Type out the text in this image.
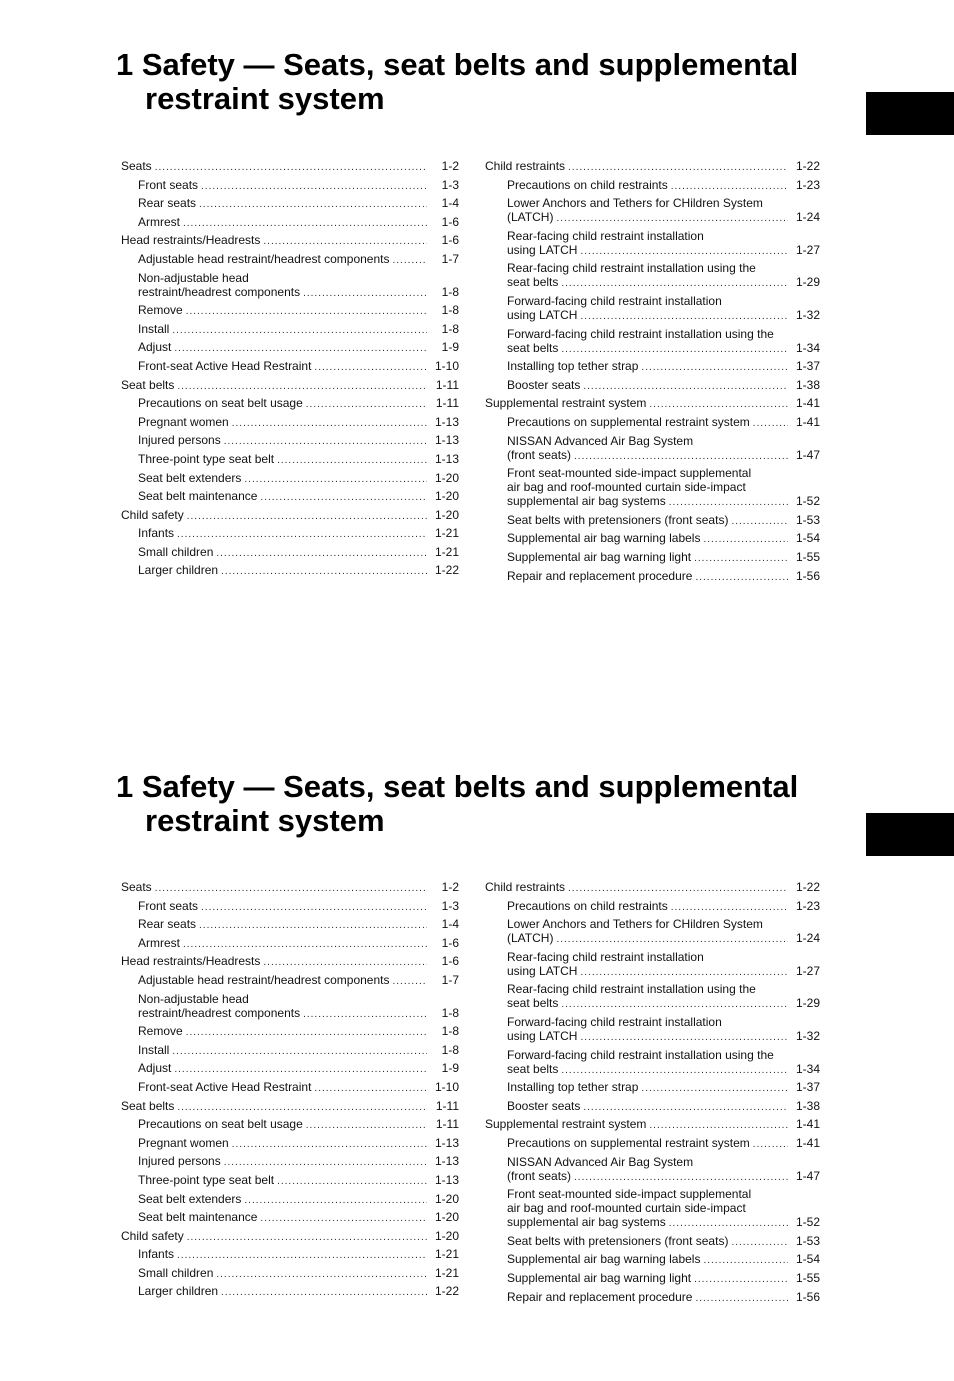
1 Safety — Seats, seat belts and supplemental
restraint system
Seats .....	1-2
Front seats .....	1-3
Rear seats .....	1-4
Armrest .....	1-6
Head restraints/Headrests .....	1-6
Adjustable head restraint/headrest components .....	1-7
Non-adjustable head
restraint/headrest components .....	1-8
Remove .....	1-8
Install .....	1-8
Adjust .....	1-9
Front-seat Active Head Restraint .....	1-10
Seat belts .....	1-11
Precautions on seat belt usage .....	1-11
Pregnant women .....	1-13
Injured persons .....	1-13
Three-point type seat belt .....	1-13
Seat belt extenders .....	1-20
Seat belt maintenance .....	1-20
Child safety .....	1-20
Infants .....	1-21
Small children .....	1-21
Larger children .....	1-22
Child restraints .....	1-22
Precautions on child restraints .....	1-23
Lower Anchors and Tethers for CHildren System
(LATCH) .....	1-24
Rear-facing child restraint installation
using LATCH .....	1-27
Rear-facing child restraint installation using the
seat belts .....	1-29
Forward-facing child restraint installation
using LATCH .....	1-32
Forward-facing child restraint installation using the
seat belts .....	1-34
Installing top tether strap .....	1-37
Booster seats .....	1-38
Supplemental restraint system .....	1-41
Precautions on supplemental restraint system .....	1-41
NISSAN Advanced Air Bag System
(front seats) .....	1-47
Front seat-mounted side-impact supplemental
air bag and roof-mounted curtain side-impact
supplemental air bag systems .....	1-52
Seat belts with pretensioners (front seats) .....	1-53
Supplemental air bag warning labels .....	1-54
Supplemental air bag warning light .....	1-55
Repair and replacement procedure .....	1-56
1 Safety — Seats, seat belts and supplemental
restraint system
Seats .....	1-2
Front seats .....	1-3
Rear seats .....	1-4
Armrest .....	1-6
Head restraints/Headrests .....	1-6
Adjustable head restraint/headrest components .....	1-7
Non-adjustable head
restraint/headrest components .....	1-8
Remove .....	1-8
Install .....	1-8
Adjust .....	1-9
Front-seat Active Head Restraint .....	1-10
Seat belts .....	1-11
Precautions on seat belt usage .....	1-11
Pregnant women .....	1-13
Injured persons .....	1-13
Three-point type seat belt .....	1-13
Seat belt extenders .....	1-20
Seat belt maintenance .....	1-20
Child safety .....	1-20
Infants .....	1-21
Small children .....	1-21
Larger children .....	1-22
Child restraints .....	1-22
Precautions on child restraints .....	1-23
Lower Anchors and Tethers for CHildren System
(LATCH) .....	1-24
Rear-facing child restraint installation
using LATCH .....	1-27
Rear-facing child restraint installation using the
seat belts .....	1-29
Forward-facing child restraint installation
using LATCH .....	1-32
Forward-facing child restraint installation using the
seat belts .....	1-34
Installing top tether strap .....	1-37
Booster seats .....	1-38
Supplemental restraint system .....	1-41
Precautions on supplemental restraint system .....	1-41
NISSAN Advanced Air Bag System
(front seats) .....	1-47
Front seat-mounted side-impact supplemental
air bag and roof-mounted curtain side-impact
supplemental air bag systems .....	1-52
Seat belts with pretensioners (front seats) .....	1-53
Supplemental air bag warning labels .....	1-54
Supplemental air bag warning light .....	1-55
Repair and replacement procedure .....	1-56
